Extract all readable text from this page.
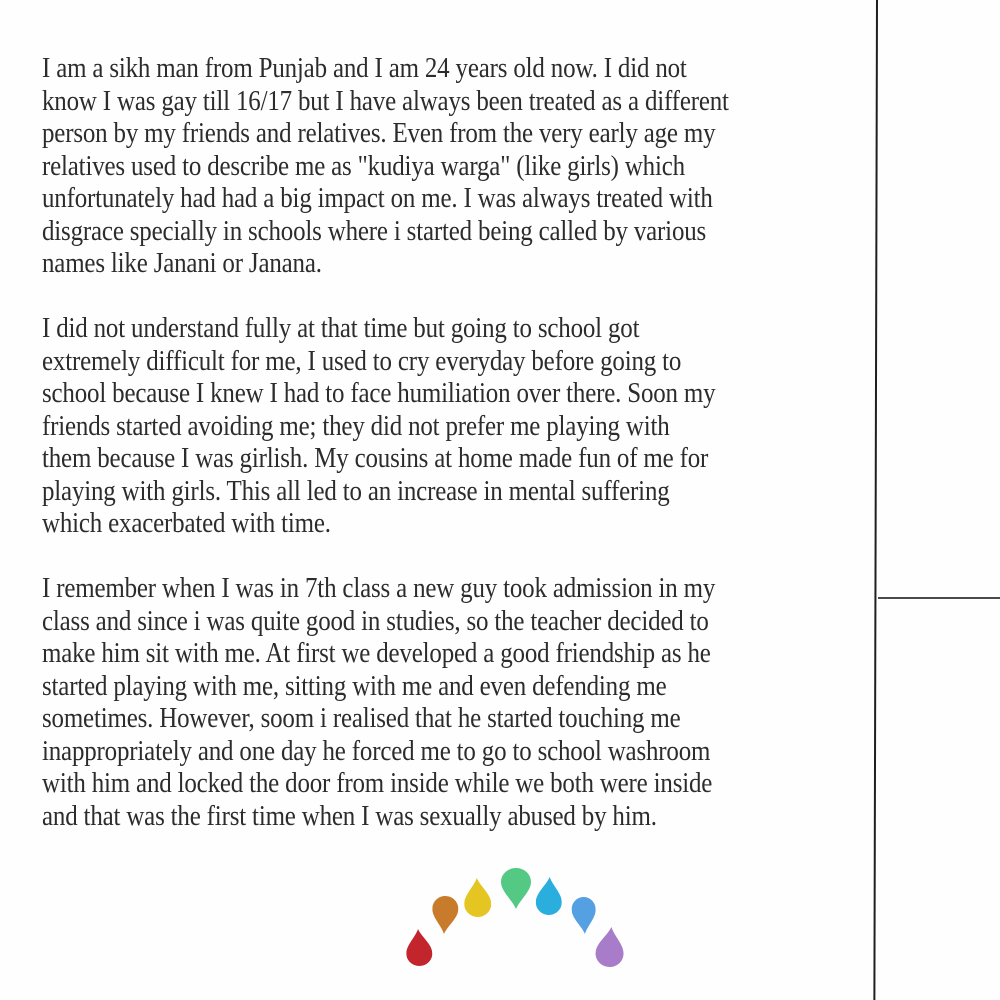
I am a sikh man from Punjab and I am 24 years old now. I did not
know I was gay till 16/17 but I have always been treated as a different
person by my friends and relatives. Even from the very early age my
relatives used to describe me as "kudiya warga" (like girls) which
unfortunately had had a big impact on me. I was always treated with
disgrace specially in schools where i started being called by various
names like Janani or Janana.
I did not understand fully at that time but going to school got
extremely difficult for me, I used to cry everyday before going to
school because I knew I had to face humiliation over there. Soon my
friends started avoiding me; they did not prefer me playing with
them because I was girlish. My cousins at home made fun of me for
playing with girls. This all led to an increase in mental suffering
which exacerbated with time.
I remember when I was in 7th class a new guy took admission in my
class and since i was quite good in studies, so the teacher decided to
make him sit with me. At first we developed a good friendship as he
started playing with me, sitting with me and even defending me
sometimes. However, soom i realised that he started touching me
inappropriately and one day he forced me to go to school washroom
with him and locked the door from inside while we both were inside
and that was the first time when I was sexually abused by him.
